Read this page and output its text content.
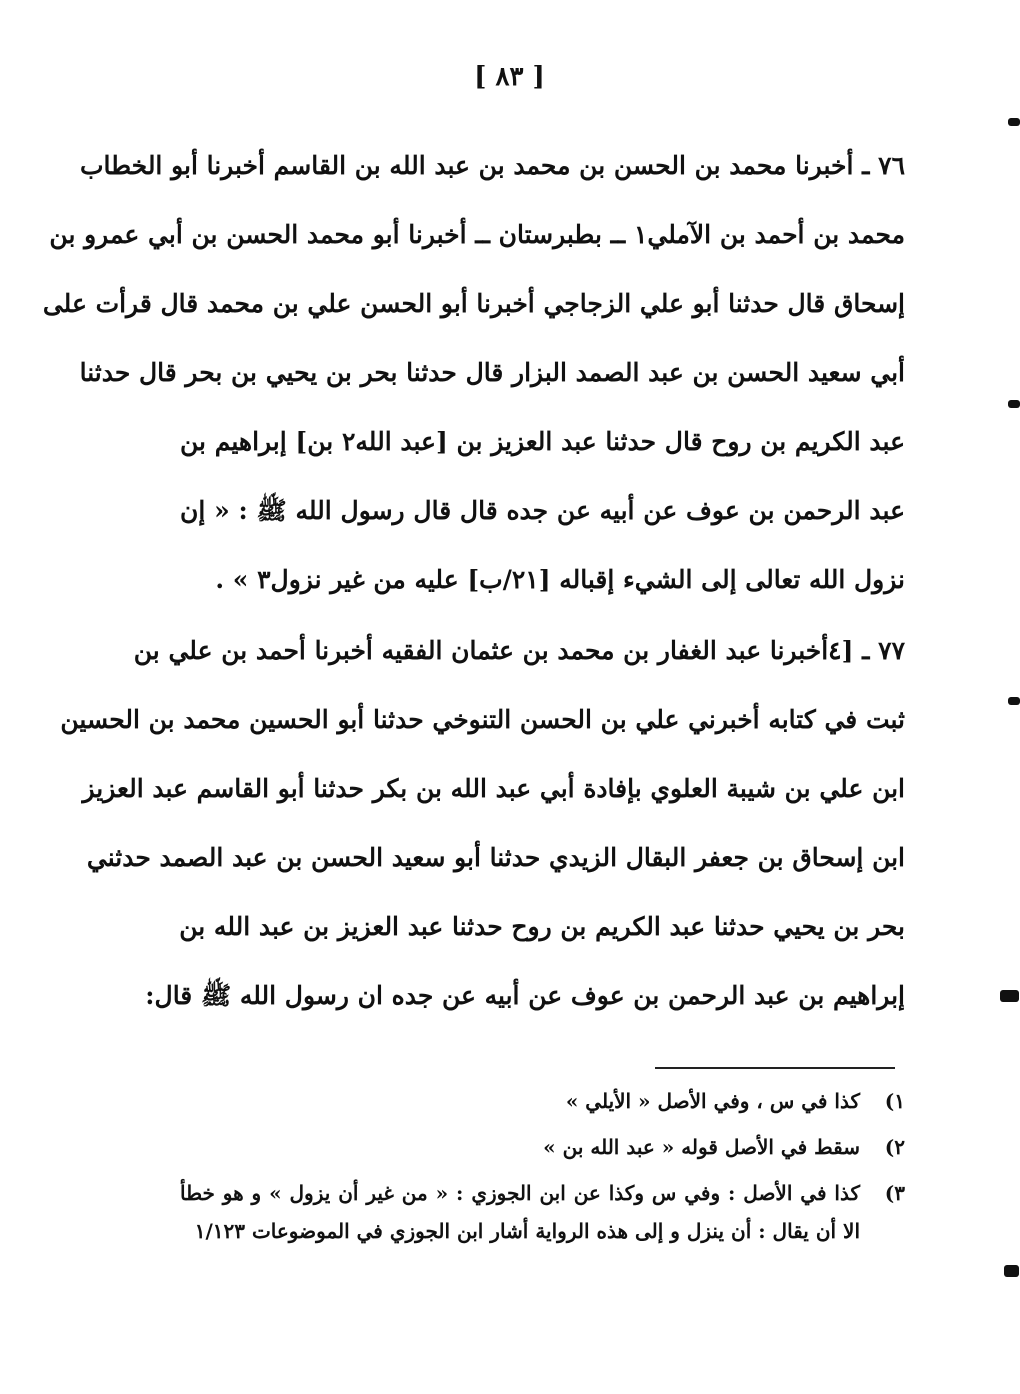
[ ٨٣ ]
٧٦ ـ أخبرنا محمد بن الحسن بن محمد بن عبد الله بن القاسم أخبرنا أبو الخطاب
محمد بن أحمد بن الآملي١ ــ بطبرستان ــ أخبرنا أبو محمد الحسن بن أبي عمرو بن
إسحاق قال حدثنا أبو علي الزجاجي أخبرنا أبو الحسن علي بن محمد قال قرأت على
أبي سعيد الحسن بن عبد الصمد البزار قال حدثنا بحر بن يحيي بن بحر قال حدثنا
عبد الكريم بن روح قال حدثنا عبد العزيز بن [عبد الله٢ بن] إبراهيم بن
عبد الرحمن بن عوف عن أبيه عن جده قال قال رسول الله ﷺ : « إن
نزول الله تعالى إلى الشيء إقباله [٢١/ب] عليه من غير نزول٣ » .
٧٧ ـ [٤أخبرنا عبد الغفار بن محمد بن عثمان الفقيه أخبرنا أحمد بن علي بن
ثبت في كتابه أخبرني علي بن الحسن التنوخي حدثنا أبو الحسين محمد بن الحسين
ابن علي بن شيبة العلوي بإفادة أبي عبد الله بن بكر حدثنا أبو القاسم عبد العزيز
ابن إسحاق بن جعفر البقال الزيدي حدثنا أبو سعيد الحسن بن عبد الصمد حدثني
بحر بن يحيي حدثنا عبد الكريم بن روح حدثنا عبد العزيز بن عبد الله بن
إبراهيم بن عبد الرحمن بن عوف عن أبيه عن جده ان رسول الله ﷺ قال:
١)
كذا في س ، وفي الأصل « الأيلي »
٢)
سقط في الأصل قوله « عبد الله بن »
٣)
كذا في الأصل : وفي س وكذا عن ابن الجوزي : « من غير أن يزول » و هو خطأ
الا أن يقال : أن ينزل و إلى هذه الرواية أشار ابن الجوزي في الموضوعات ١/١٢٣
